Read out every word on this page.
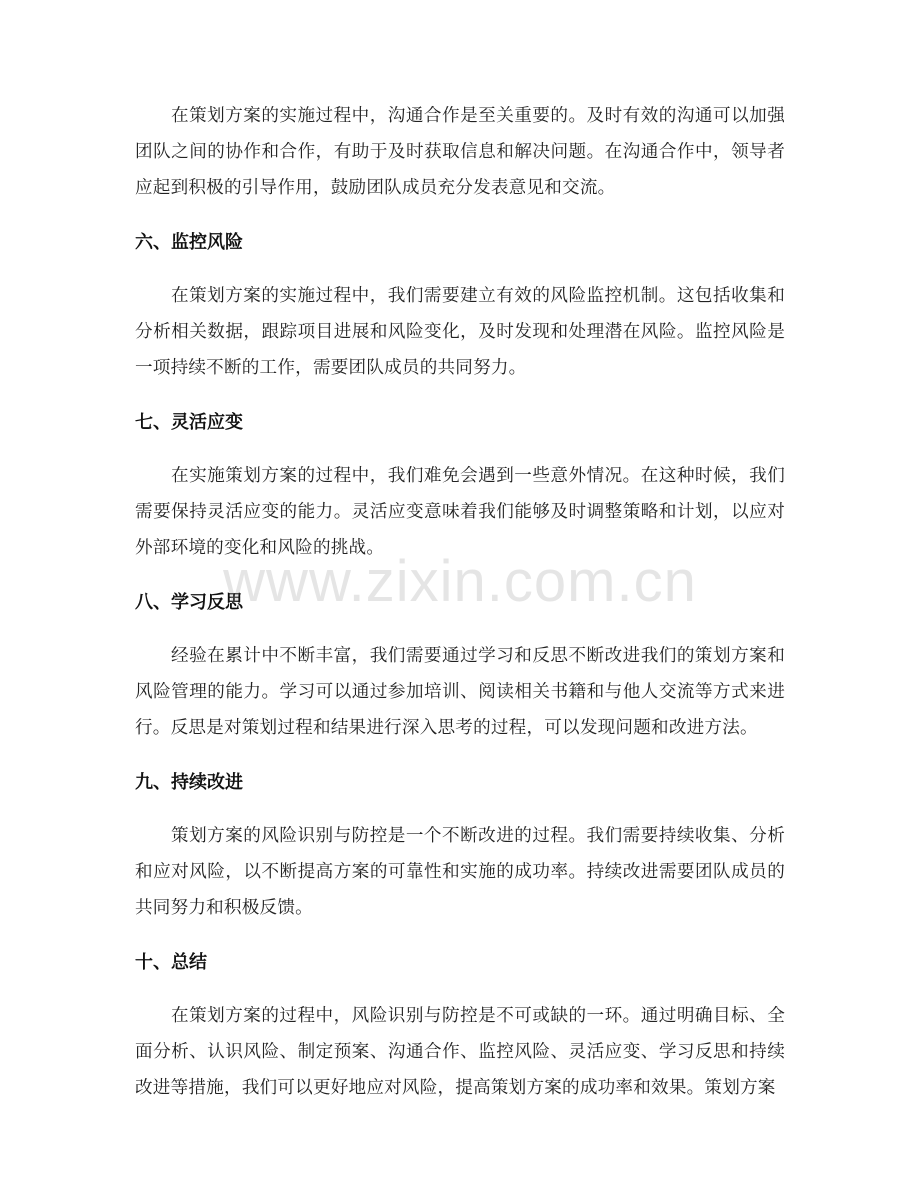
在策划方案的实施过程中，沟通合作是至关重要的。及时有效的沟通可以加强团队之间的协作和合作，有助于及时获取信息和解决问题。在沟通合作中，领导者应起到积极的引导作用，鼓励团队成员充分发表意见和交流。

六、监控风险

在策划方案的实施过程中，我们需要建立有效的风险监控机制。这包括收集和分析相关数据，跟踪项目进展和风险变化，及时发现和处理潜在风险。监控风险是一项持续不断的工作，需要团队成员的共同努力。

七、灵活应变

在实施策划方案的过程中，我们难免会遇到一些意外情况。在这种时候，我们需要保持灵活应变的能力。灵活应变意味着我们能够及时调整策略和计划，以应对外部环境的变化和风险的挑战。

八、学习反思

经验在累计中不断丰富，我们需要通过学习和反思不断改进我们的策划方案和风险管理的能力。学习可以通过参加培训、阅读相关书籍和与他人交流等方式来进行。反思是对策划过程和结果进行深入思考的过程，可以发现问题和改进方法。

九、持续改进

策划方案的风险识别与防控是一个不断改进的过程。我们需要持续收集、分析和应对风险，以不断提高方案的可靠性和实施的成功率。持续改进需要团队成员的共同努力和积极反馈。

十、总结

在策划方案的过程中，风险识别与防控是不可或缺的一环。通过明确目标、全面分析、认识风险、制定预案、沟通合作、监控风险、灵活应变、学习反思和持续改进等措施，我们可以更好地应对风险，提高策划方案的成功率和效果。策划方案

www.zixin.com.cn
